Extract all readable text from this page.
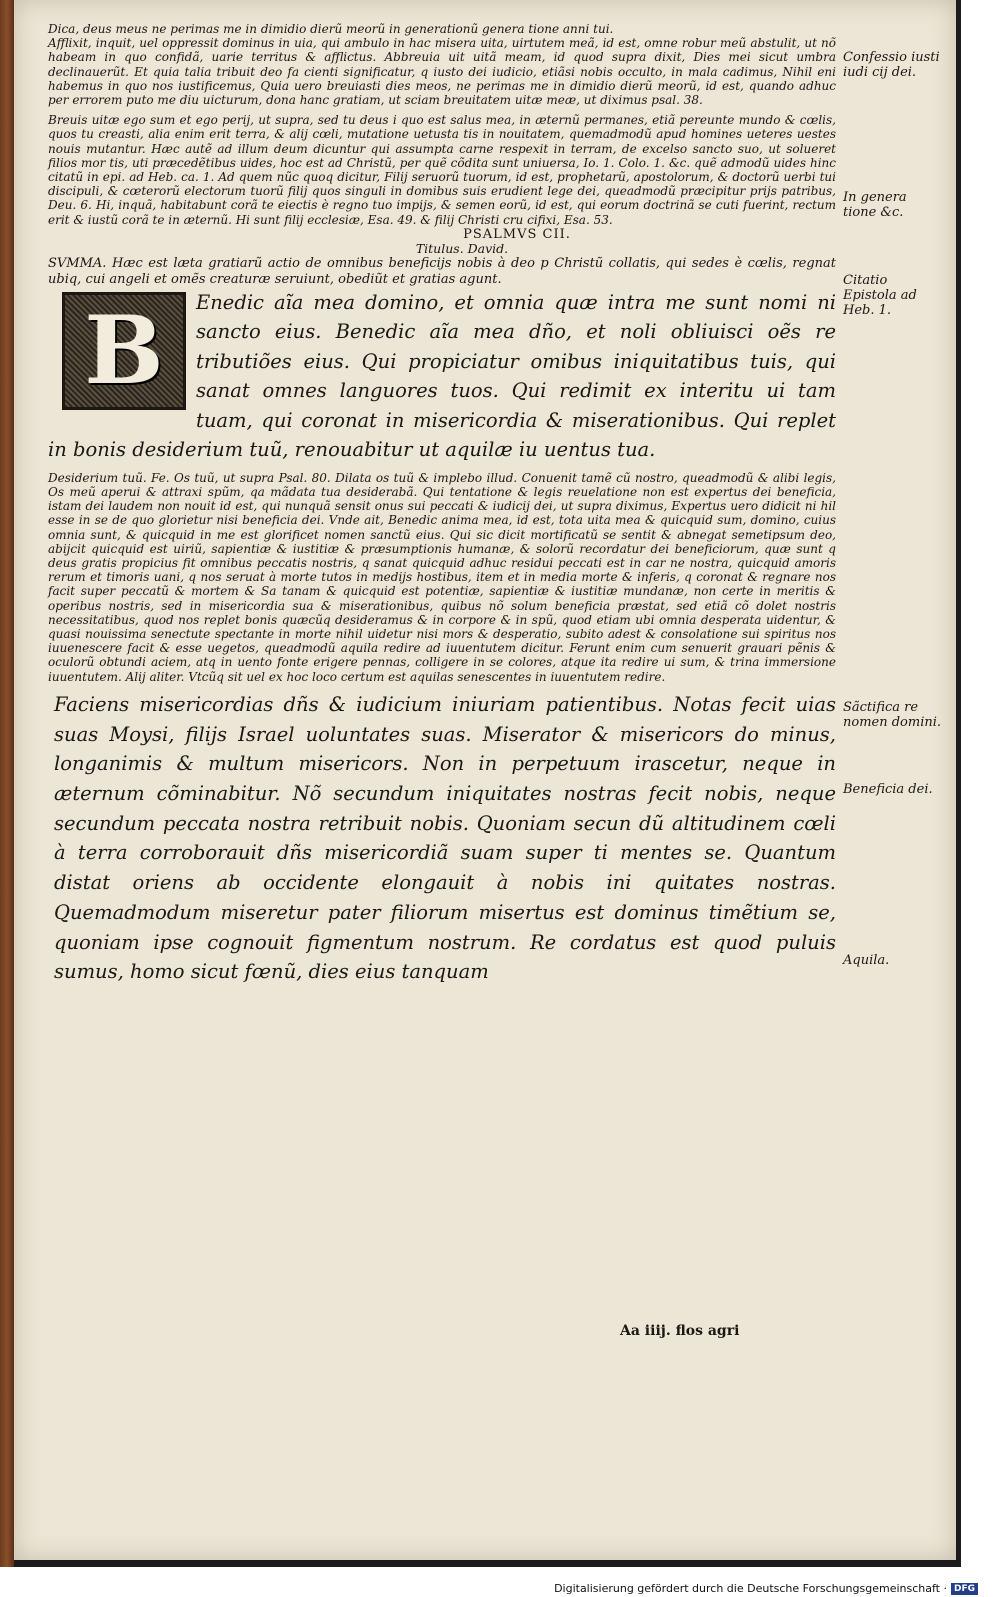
Dica, deus meus ne perimas me in dimidio dierũ meorũ in generationũ genera tione anni tui.

Afflixit, inquit, uel oppressit dominus in uia, qui ambulo in hac misera uita, uirtutem meã, id est, omne robur meũ abstulit, ut nõ habeam in quo confidã, uarie territus & afflictus. Abbreuia uit uitã meam, id quod supra dixit, Dies mei sicut umbra declinauerũt. Et quia talia tribuit deo fa cienti significatur, q iusto dei iudicio, etiãsi nobis occulto, in mala cadimus, Nihil eni habemus in quo nos iustificemus, Quia uero breuiasti dies meos, ne perimas me in dimidio dierũ meorũ, id est, quando adhuc per errorem puto me diu uicturum, dona hanc gratiam, ut sciam breuitatem uitæ meæ, ut diximus psal. 38.

Breuis uitæ ego sum et ego perij, ut supra, sed tu deus i quo est salus mea, in æternũ permanes, etiã pereunte mundo & cœlis, quos tu creasti, alia enim erit terra, & alij cœli, mutatione uetusta tis in nouitatem, quemadmodũ apud homines ueteres uestes nouis mutantur. Hæc autẽ ad illum deum dicuntur qui assumpta carne respexit in terram, de excelso sancto suo, ut solueret filios mor tis, uti præcedẽtibus uides, hoc est ad Christũ, per quẽ cõdita sunt uniuersa, Io. 1. Colo. 1. &c. quẽ admodũ uides hinc citatũ in epi. ad Heb. ca. 1. Ad quem nũc quoq dicitur, Filij seruorũ tuorum, id est, prophetarũ, apostolorum, & doctorũ uerbi tui discipuli, & cœterorũ electorum tuorũ filij quos singuli in domibus suis erudient lege dei, queadmodũ præcipitur prijs patribus, Deu. 6. Hi, inquã, habitabunt corã te eiectis è regno tuo impijs, & semen eorũ, id est, qui eorum doctrinã se cuti fuerint, rectum erit & iustũ corã te in æternũ. Hi sunt filij ecclesiæ, Esa. 49. & filij Christi cru cifixi, Esa. 53.

PSALMVS CII.

Titulus. David.

SVMMA. Hæc est læta gratiarũ actio de omnibus beneficijs nobis à deo p Christũ collatis, qui sedes è cœlis, regnat ubiq, cui angeli et omẽs creaturæ seruiunt, obediũt et gratias agunt.

B	Enedic aĩa mea domino, et omnia quæ intra me sunt nomi ni sancto eius. Benedic aĩa mea dño, et noli obliuisci oẽs re tributiões eius. Qui propiciatur omibus iniquitatibus tuis, qui sanat omnes languores tuos. Qui redimit ex interitu ui tam tuam, qui coronat in misericordia & miserationibus. Qui replet in bonis desiderium tuũ, renouabitur ut aquilæ iu uentus tua.

Desiderium tuũ. Fe. Os tuũ, ut supra Psal. 80. Dilata os tuũ & implebo illud. Conuenit tamẽ cũ nostro, queadmodũ & alibi legis, Os meũ aperui & attraxi spũm, qa mãdata tua desiderabã. Qui tentatione & legis reuelatione non est expertus dei beneficia, istam dei laudem non nouit id est, qui nunquã sensit onus sui peccati & iudicij dei, ut supra diximus, Expertus uero didicit ni hil esse in se de quo glorietur nisi beneficia dei. Vnde ait, Benedic anima mea, id est, tota uita mea & quicquid sum, domino, cuius omnia sunt, & quicquid in me est glorificet nomen sanctũ eius. Qui sic dicit mortificatũ se sentit & abnegat semetipsum deo, abijcit quicquid est uiriũ, sapientiæ & iustitiæ & præsumptionis humanæ, & solorũ recordatur dei beneficiorum, quæ sunt q deus gratis propicius fit omnibus peccatis nostris, q sanat quicquid adhuc residui peccati est in car ne nostra, quicquid amoris rerum et timoris uani, q nos seruat à morte tutos in medijs hostibus, item et in media morte & inferis, q coronat & regnare nos facit super peccatũ & mortem & Sa tanam & quicquid est potentiæ, sapientiæ & iustitiæ mundanæ, non certe in meritis & operibus nostris, sed in misericordia sua & miserationibus, quibus nõ solum beneficia præstat, sed etiã cõ dolet nostris necessitatibus, quod nos replet bonis quæcũq desideramus & in corpore & in spũ, quod etiam ubi omnia desperata uidentur, & quasi nouissima senectute spectante in morte nihil uidetur nisi mors & desperatio, subito adest & consolatione sui spiritus nos iuuenescere facit & esse uegetos, queadmodũ aquila redire ad iuuentutem dicitur. Ferunt enim cum senuerit grauari pẽnis & oculorũ obtundi aciem, atq in uento fonte erigere pennas, colligere in se colores, atque ita redire ui sum, & trina immersione iuuentutem. Alij aliter. Vtcũq sit uel ex hoc loco certum est aquilas senescentes in iuuentutem redire.

Faciens misericordias dñs & iudicium iniuriam patientibus. Notas fecit uias suas Moysi, filijs Israel uoluntates suas. Miserator & misericors do minus, longanimis & multum misericors. Non in perpetuum irascetur, neque in æternum cõminabitur. Nõ secundum iniquitates nostras fecit nobis, neque secundum peccata nostra retribuit nobis. Quoniam secun dũ altitudinem cœli à terra corroborauit dñs misericordiã suam super ti mentes se. Quantum distat oriens ab occidente elongauit à nobis ini quitates nostras. Quemadmodum miseretur pater filiorum misertus est dominus timẽtium se, quoniam ipse cognouit figmentum nostrum. Re cordatus est quod puluis sumus, homo sicut fœnũ, dies eius tanquam

Confessio iusti iudi cij dei.
In genera tione &c.
Citatio Epistola ad Heb. 1.
Sãctifica re nomen domini.
Beneficia dei.
Aquila.
Aa iiij. flos agri
Digitalisierung gefördert durch die Deutsche Forschungsgemeinschaft · DFG
